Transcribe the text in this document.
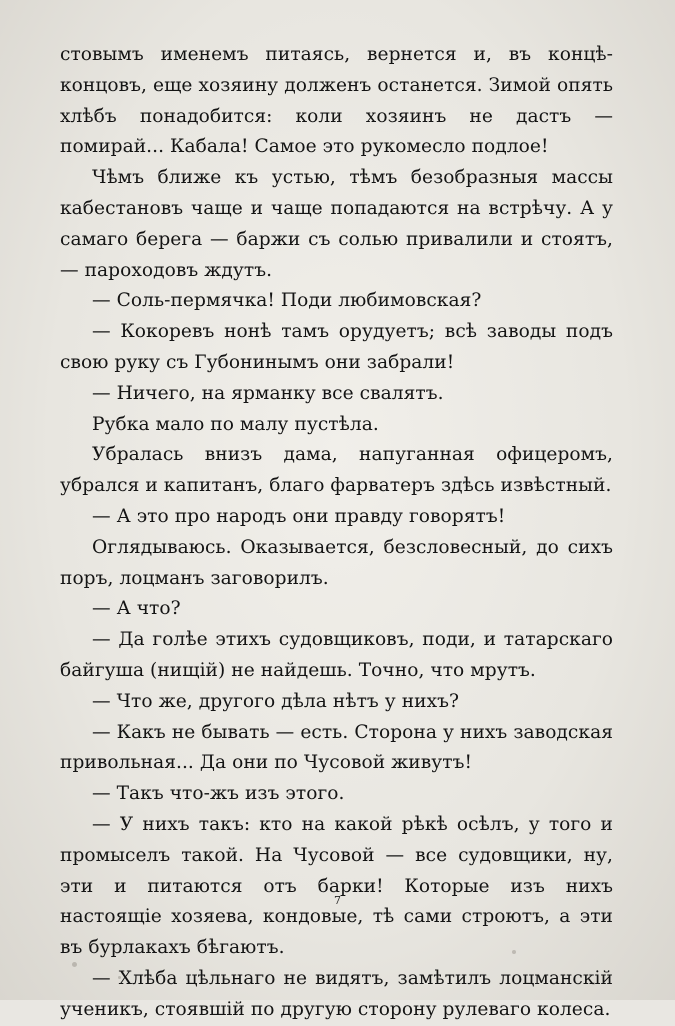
стовымъ именемъ питаясь, вернется и, въ концѣ-концовъ, еще хозяину долженъ останется. Зимой опять хлѣбъ понадобится: коли хозяинъ не дастъ — помирай... Кабала! Самое это рукомесло подлое!

Чѣмъ ближе къ устью, тѣмъ безобразныя массы кабестановъ чаще и чаще попадаются на встрѣчу. А у самаго берега — баржи съ солью привалили и стоятъ, — пароходовъ ждутъ.

— Соль-пермячка! Поди любимовская?

— Кокоревъ нонѣ тамъ орудуетъ; всѣ заводы подъ свою руку съ Губонинымъ они забрали!

— Ничего, на ярманку все свалятъ.

Рубка мало по малу пустѣла.

Убралась внизъ дама, напуганная офицеромъ, убрался и капитанъ, благо фарватеръ здѣсь извѣстный.

— А это про народъ они правду говорятъ!

Оглядываюсь. Оказывается, безсловесный, до сихъ поръ, лоцманъ заговорилъ.

— А что?

— Да голѣе этихъ судовщиковъ, поди, и татарскаго байгуша (нищій) не найдешь. Точно, что мрутъ.

— Что же, другого дѣла нѣтъ у нихъ?

— Какъ не бывать — есть. Сторона у нихъ заводская привольная... Да они по Чусовой живутъ!

— Такъ что-жъ изъ этого.

— У нихъ такъ: кто на какой рѣкѣ осѣлъ, у того и промыселъ такой. На Чусовой — все судовщики, ну, эти и питаются отъ барки! Которые изъ нихъ настоящіе хозяева, кондовые, тѣ сами строютъ, а эти въ бурлакахъ бѣгаютъ.

— Хлѣба цѣльнаго не видятъ, замѣтилъ лоцманскій ученикъ, стоявшій по другую сторону рулеваго колеса.

7
